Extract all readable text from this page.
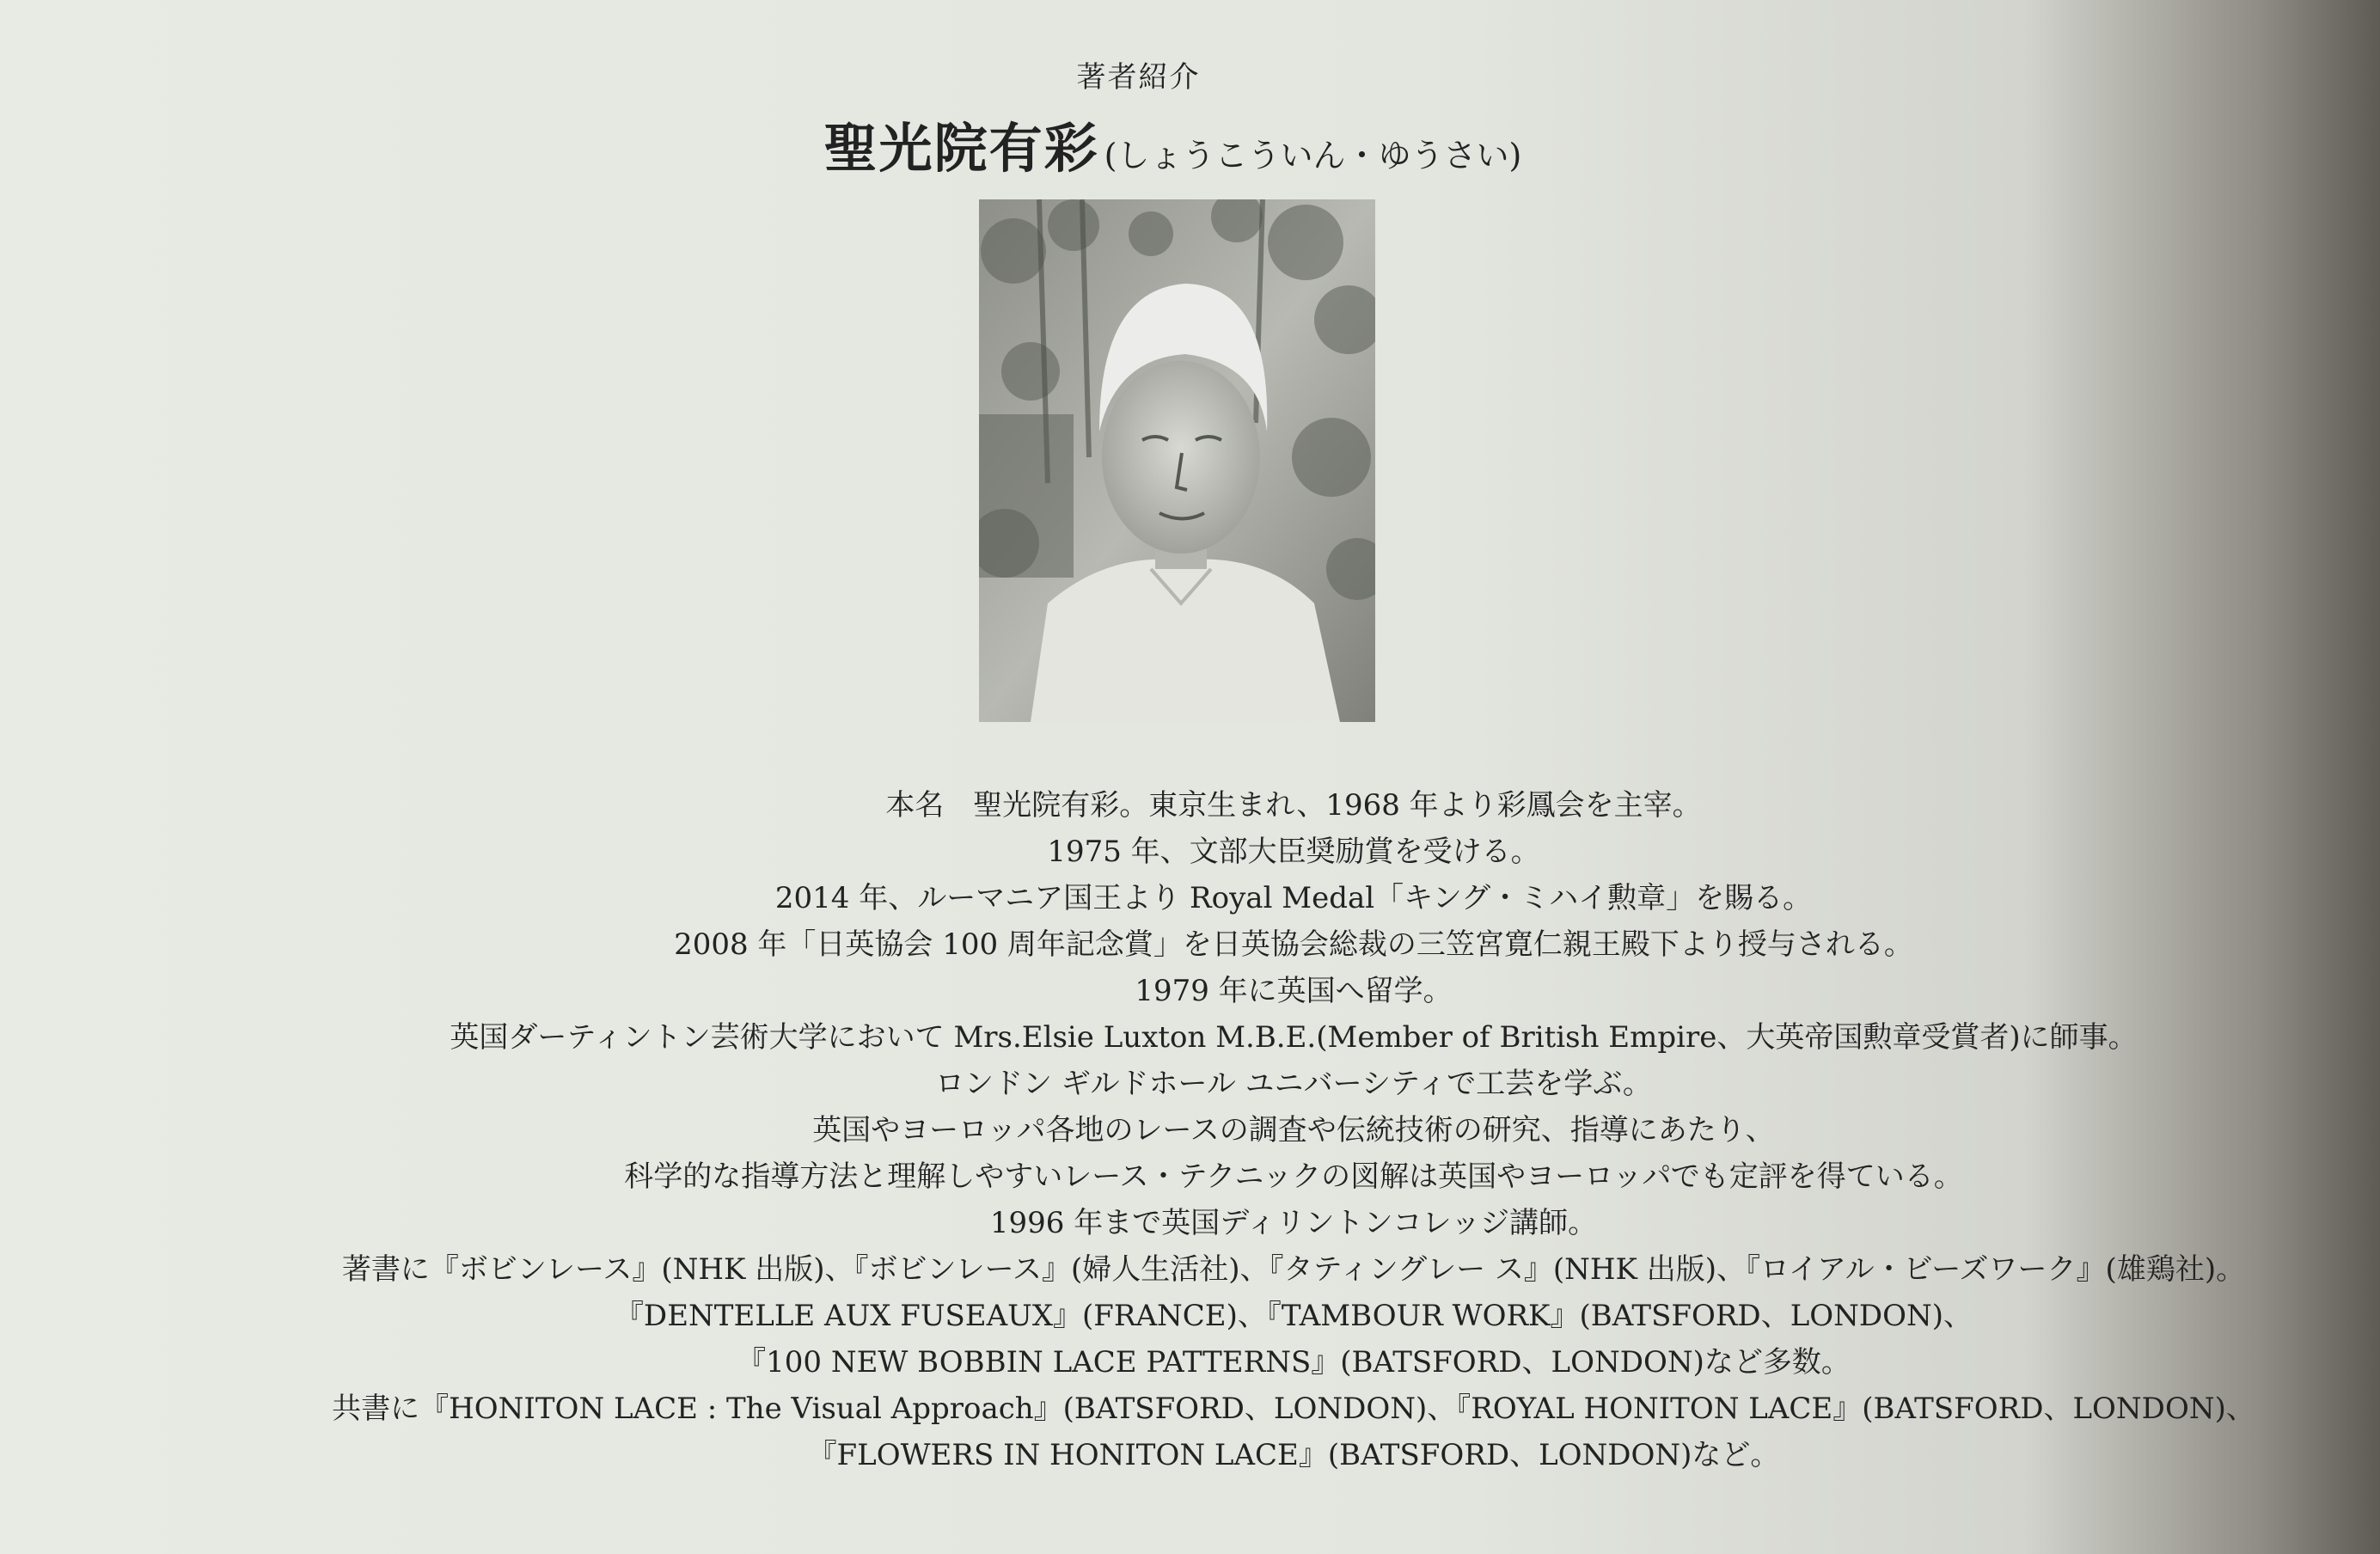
著者紹介
聖光院有彩 (しょうこういん・ゆうさい)
本名　聖光院有彩。東京生まれ、1968 年より彩鳳会を主宰。
1975 年、文部大臣奨励賞を受ける。
2014 年、ルーマニア国王より Royal Medal「キング・ミハイ勲章」を賜る。
2008 年「日英協会 100 周年記念賞」を日英協会総裁の三笠宮寛仁親王殿下より授与される。
1979 年に英国へ留学。
英国ダーティントン芸術大学において Mrs.Elsie Luxton M.B.E.(Member of British Empire、大英帝国勲章受賞者)に師事。
ロンドン ギルドホール ユニバーシティで工芸を学ぶ。
英国やヨーロッパ各地のレースの調査や伝統技術の研究、指導にあたり、
科学的な指導方法と理解しやすいレース・テクニックの図解は英国やヨーロッパでも定評を得ている。
1996 年まで英国ディリントンコレッジ講師。
著書に『ボビンレース』(NHK 出版)、『ボビンレース』(婦人生活社)、『タティングレー ス』(NHK 出版)、『ロイアル・ビーズワーク』(雄鶏社)。
『DENTELLE AUX FUSEAUX』(FRANCE)、『TAMBOUR WORK』(BATSFORD、LONDON)、
『100 NEW BOBBIN LACE PATTERNS』(BATSFORD、LONDON)など多数。
共書に『HONITON LACE : The Visual Approach』(BATSFORD、LONDON)、『ROYAL HONITON LACE』(BATSFORD、LONDON)、
『FLOWERS IN HONITON LACE』(BATSFORD、LONDON)など。
